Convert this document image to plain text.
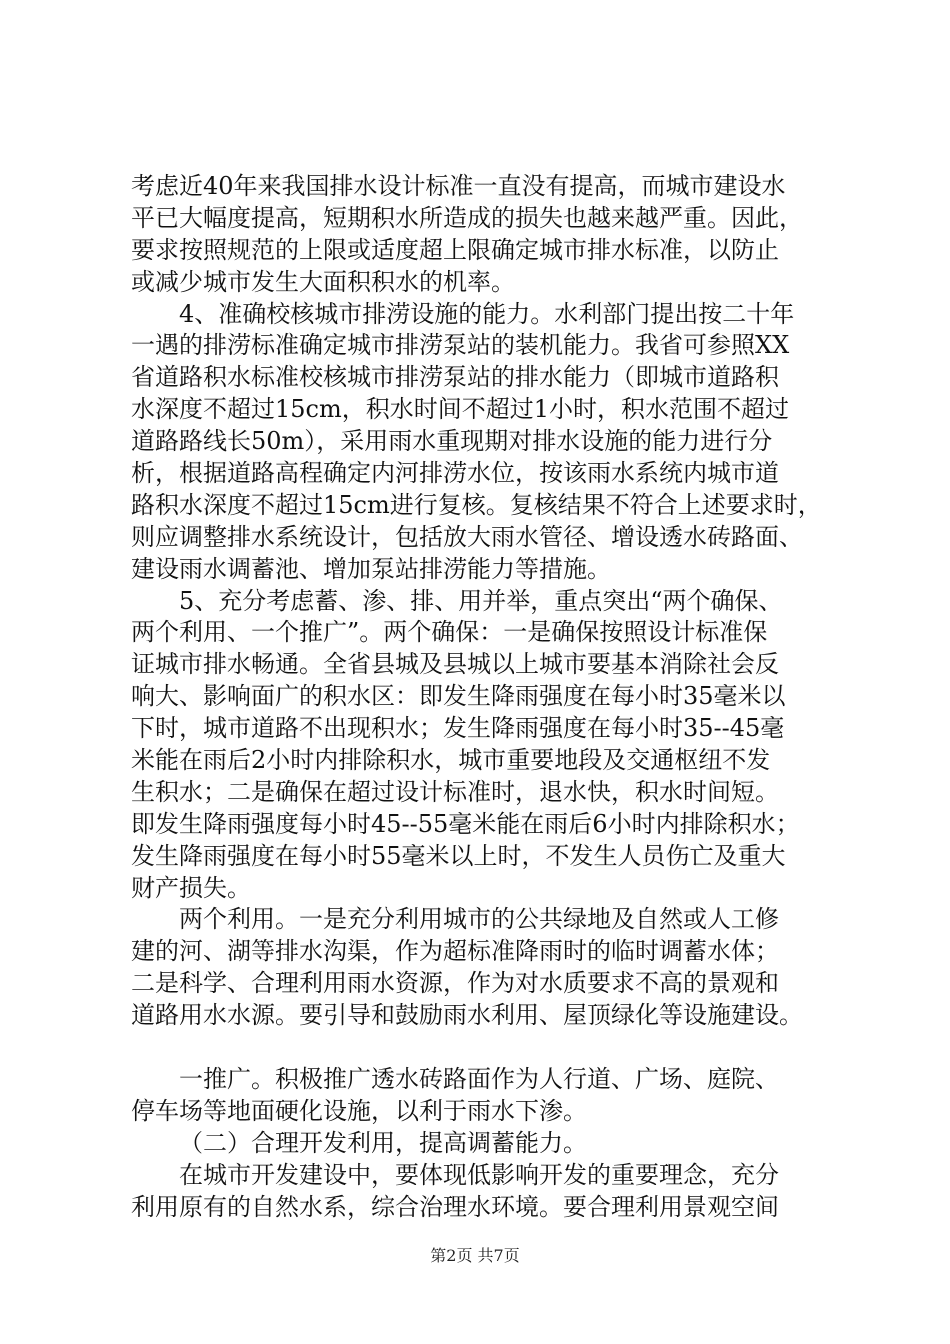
考虑近40年来我国排水设计标准一直没有提高，而城市建设水
平已大幅度提高，短期积水所造成的损失也越来越严重。因此，
要求按照规范的上限或适度超上限确定城市排水标准，以防止
或减少城市发生大面积积水的机率。
4、准确校核城市排涝设施的能力。水利部门提出按二十年
一遇的排涝标准确定城市排涝泵站的装机能力。我省可参照XX
省道路积水标准校核城市排涝泵站的排水能力（即城市道路积
水深度不超过15cm，积水时间不超过1小时，积水范围不超过
道路路线长50m），采用雨水重现期对排水设施的能力进行分
析，根据道路高程确定内河排涝水位，按该雨水系统内城市道
路积水深度不超过15cm进行复核。复核结果不符合上述要求时，
则应调整排水系统设计，包括放大雨水管径、增设透水砖路面、
建设雨水调蓄池、增加泵站排涝能力等措施。
5、充分考虑蓄、渗、排、用并举，重点突出“两个确保、
两个利用、一个推广”。两个确保：一是确保按照设计标准保
证城市排水畅通。全省县城及县城以上城市要基本消除社会反
响大、影响面广的积水区：即发生降雨强度在每小时35毫米以
下时，城市道路不出现积水；发生降雨强度在每小时35--45毫
米能在雨后2小时内排除积水，城市重要地段及交通枢纽不发
生积水；二是确保在超过设计标准时，退水快，积水时间短。
即发生降雨强度每小时45--55毫米能在雨后6小时内排除积水；
发生降雨强度在每小时55毫米以上时，不发生人员伤亡及重大
财产损失。
两个利用。一是充分利用城市的公共绿地及自然或人工修
建的河、湖等排水沟渠，作为超标准降雨时的临时调蓄水体；
二是科学、合理利用雨水资源，作为对水质要求不高的景观和
道路用水水源。要引导和鼓励雨水利用、屋顶绿化等设施建设。
一推广。积极推广透水砖路面作为人行道、广场、庭院、
停车场等地面硬化设施，以利于雨水下渗。
（二）合理开发利用，提高调蓄能力。
在城市开发建设中，要体现低影响开发的重要理念，充分
利用原有的自然水系，综合治理水环境。要合理利用景观空间
第2页 共7页
